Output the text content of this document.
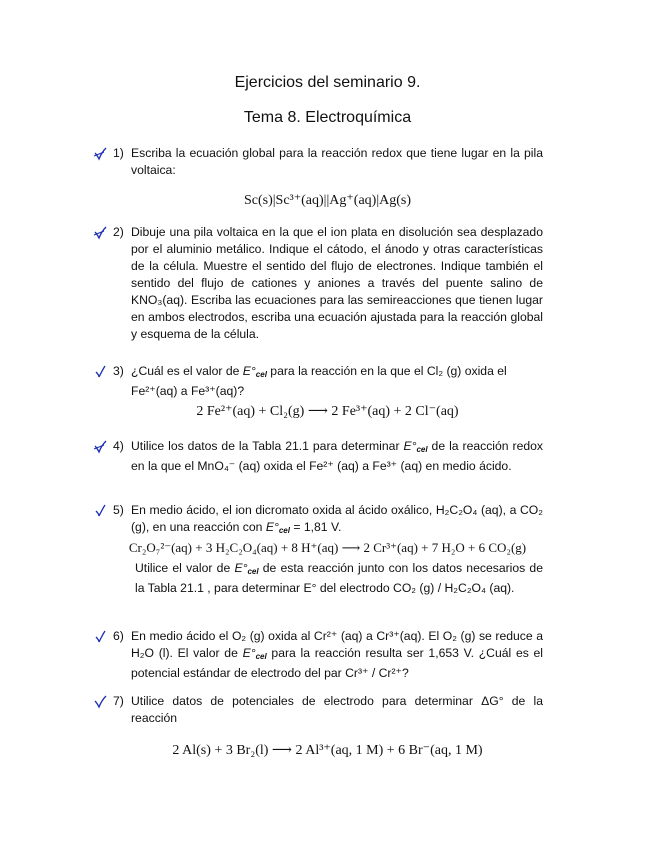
Ejercicios del seminario 9.
Tema 8. Electroquímica
1) Escriba la ecuación global para la reacción redox que tiene lugar en la pila voltaica:
Sc(s)|Sc³⁺(aq)||Ag⁺(aq)|Ag(s)
2) Dibuje una pila voltaica en la que el ion plata en disolución sea desplazado por el aluminio metálico. Indique el cátodo, el ánodo y otras características de la célula. Muestre el sentido del flujo de electrones. Indique también el sentido del flujo de cationes y aniones a través del puente salino de KNO₃(aq). Escriba las ecuaciones para las semireacciones que tienen lugar en ambos electrodos, escriba una ecuación ajustada para la reacción global y esquema de la célula.
3) ¿Cuál es el valor de $E^\circ_{cel}$ para la reacción en la que el Cl₂ (g) oxida el Fe²⁺(aq) a Fe³⁺(aq)?
2 Fe²⁺(aq) + Cl₂(g) ⟶ 2 Fe³⁺(aq) + 2 Cl⁻(aq)
4) Utilice los datos de la Tabla 21.1 para determinar $E^\circ_{cel}$ de la reacción redox en la que el MnO₄⁻ (aq) oxida el Fe²⁺ (aq) a Fe³⁺ (aq) en medio ácido.
5) En medio ácido, el ion dicromato oxida al ácido oxálico, H₂C₂O₄ (aq), a CO₂ (g), en una reacción con $E^\circ_{cel} = 1,81$ V.
Cr₂O₇²⁻(aq) + 3 H₂C₂O₄(aq) + 8 H⁺(aq) ⟶ 2 Cr³⁺(aq) + 7 H₂O + 6 CO₂(g)
Utilice el valor de $E^\circ_{cel}$ de esta reacción junto con los datos necesarios de la Tabla 21.1 , para determinar E° del electrodo CO₂ (g) / H₂C₂O₄ (aq).
6) En medio ácido el O₂ (g) oxida al Cr²⁺ (aq) a Cr³⁺(aq). El O₂ (g) se reduce a H₂O (l). El valor de $E^\circ_{cel}$ para la reacción resulta ser 1,653 V. ¿Cuál es el potencial estándar de electrodo del par Cr³⁺ / Cr²⁺?
7) Utilice datos de potenciales de electrodo para determinar ΔG° de la reacción
2 Al(s) + 3 Br₂(l) ⟶ 2 Al³⁺(aq, 1 M) + 6 Br⁻(aq, 1 M)
